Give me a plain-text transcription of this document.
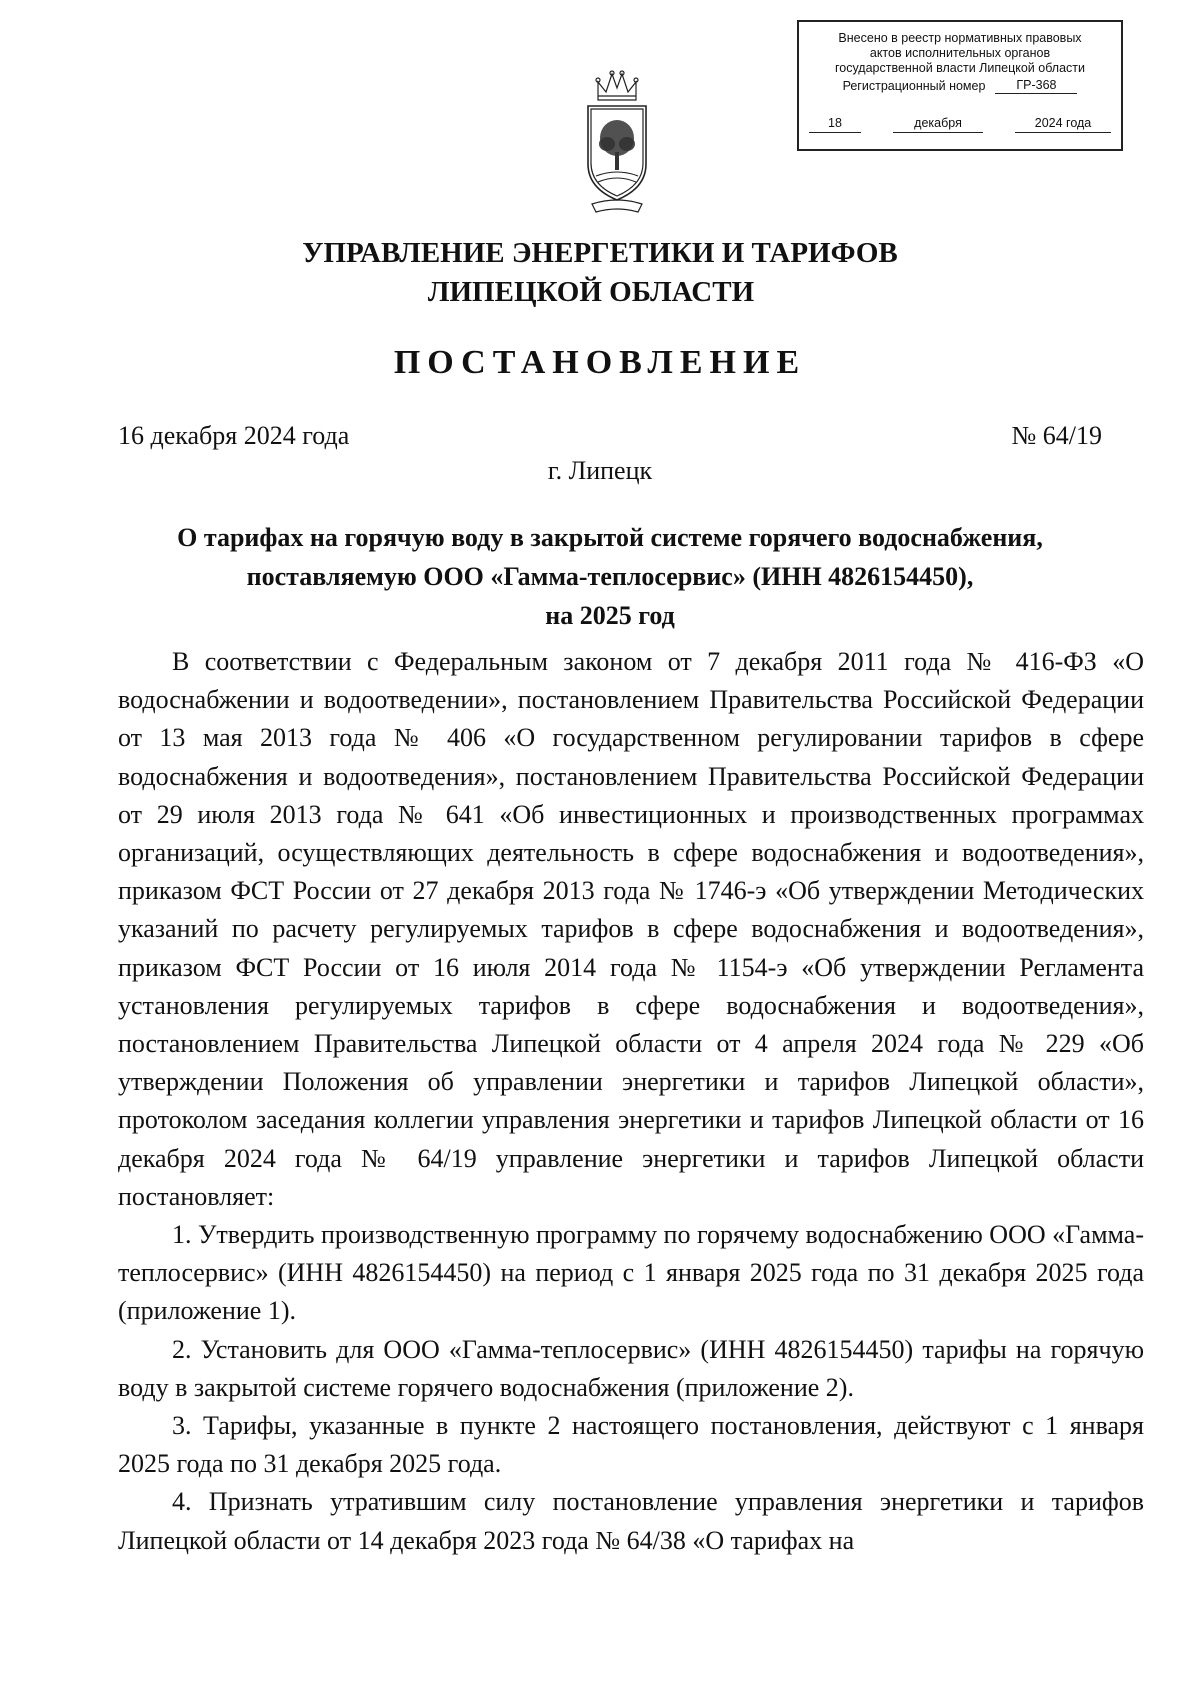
Внесено в реестр нормативных правовых
актов исполнительных органов
государственной власти Липецкой области
Регистрационный номер	ГР-368
18	декабря	2024 года
УПРАВЛЕНИЕ ЭНЕРГЕТИКИ И ТАРИФОВ
ЛИПЕЦКОЙ ОБЛАСТИ
ПОСТАНОВЛЕНИЕ
16 декабря 2024 года	№ 64/19
г. Липецк
О тарифах на горячую воду в закрытой системе горячего водоснабжения,
поставляемую ООО «Гамма-теплосервис» (ИНН 4826154450),
на 2025 год

В соответствии с Федеральным законом от 7 декабря 2011 года № 416-ФЗ «О водоснабжении и водоотведении», постановлением Правительства Российской Федерации от 13 мая 2013 года № 406 «О государственном регулировании тарифов в сфере водоснабжения и водоотведения», постановлением Правительства Российской Федерации от 29 июля 2013 года № 641 «Об инвестиционных и производственных программах организаций, осуществляющих деятельность в сфере водоснабжения и водоотведения», приказом ФСТ России от 27 декабря 2013 года № 1746-э «Об утверждении Методических указаний по расчету регулируемых тарифов в сфере водоснабжения и водоотведения», приказом ФСТ России от 16 июля 2014 года № 1154-э «Об утверждении Регламента установления регулируемых тарифов в сфере водоснабжения и водоотведения», постановлением Правительства Липецкой области от 4 апреля 2024 года № 229 «Об утверждении Положения об управлении энергетики и тарифов Липецкой области», протоколом заседания коллегии управления энергетики и тарифов Липецкой области от 16 декабря 2024 года № 64/19 управление энергетики и тарифов Липецкой области постановляет:

1. Утвердить производственную программу по горячему водоснабжению ООО «Гамма-теплосервис» (ИНН 4826154450) на период с 1 января 2025 года по 31 декабря 2025 года (приложение 1).

2. Установить для ООО «Гамма-теплосервис» (ИНН 4826154450) тарифы на горячую воду в закрытой системе горячего водоснабжения (приложение 2).

3. Тарифы, указанные в пункте 2 настоящего постановления, действуют с 1 января 2025 года по 31 декабря 2025 года.

4. Признать утратившим силу постановление управления энергетики и тарифов Липецкой области от 14 декабря 2023 года № 64/38 «О тарифах на
